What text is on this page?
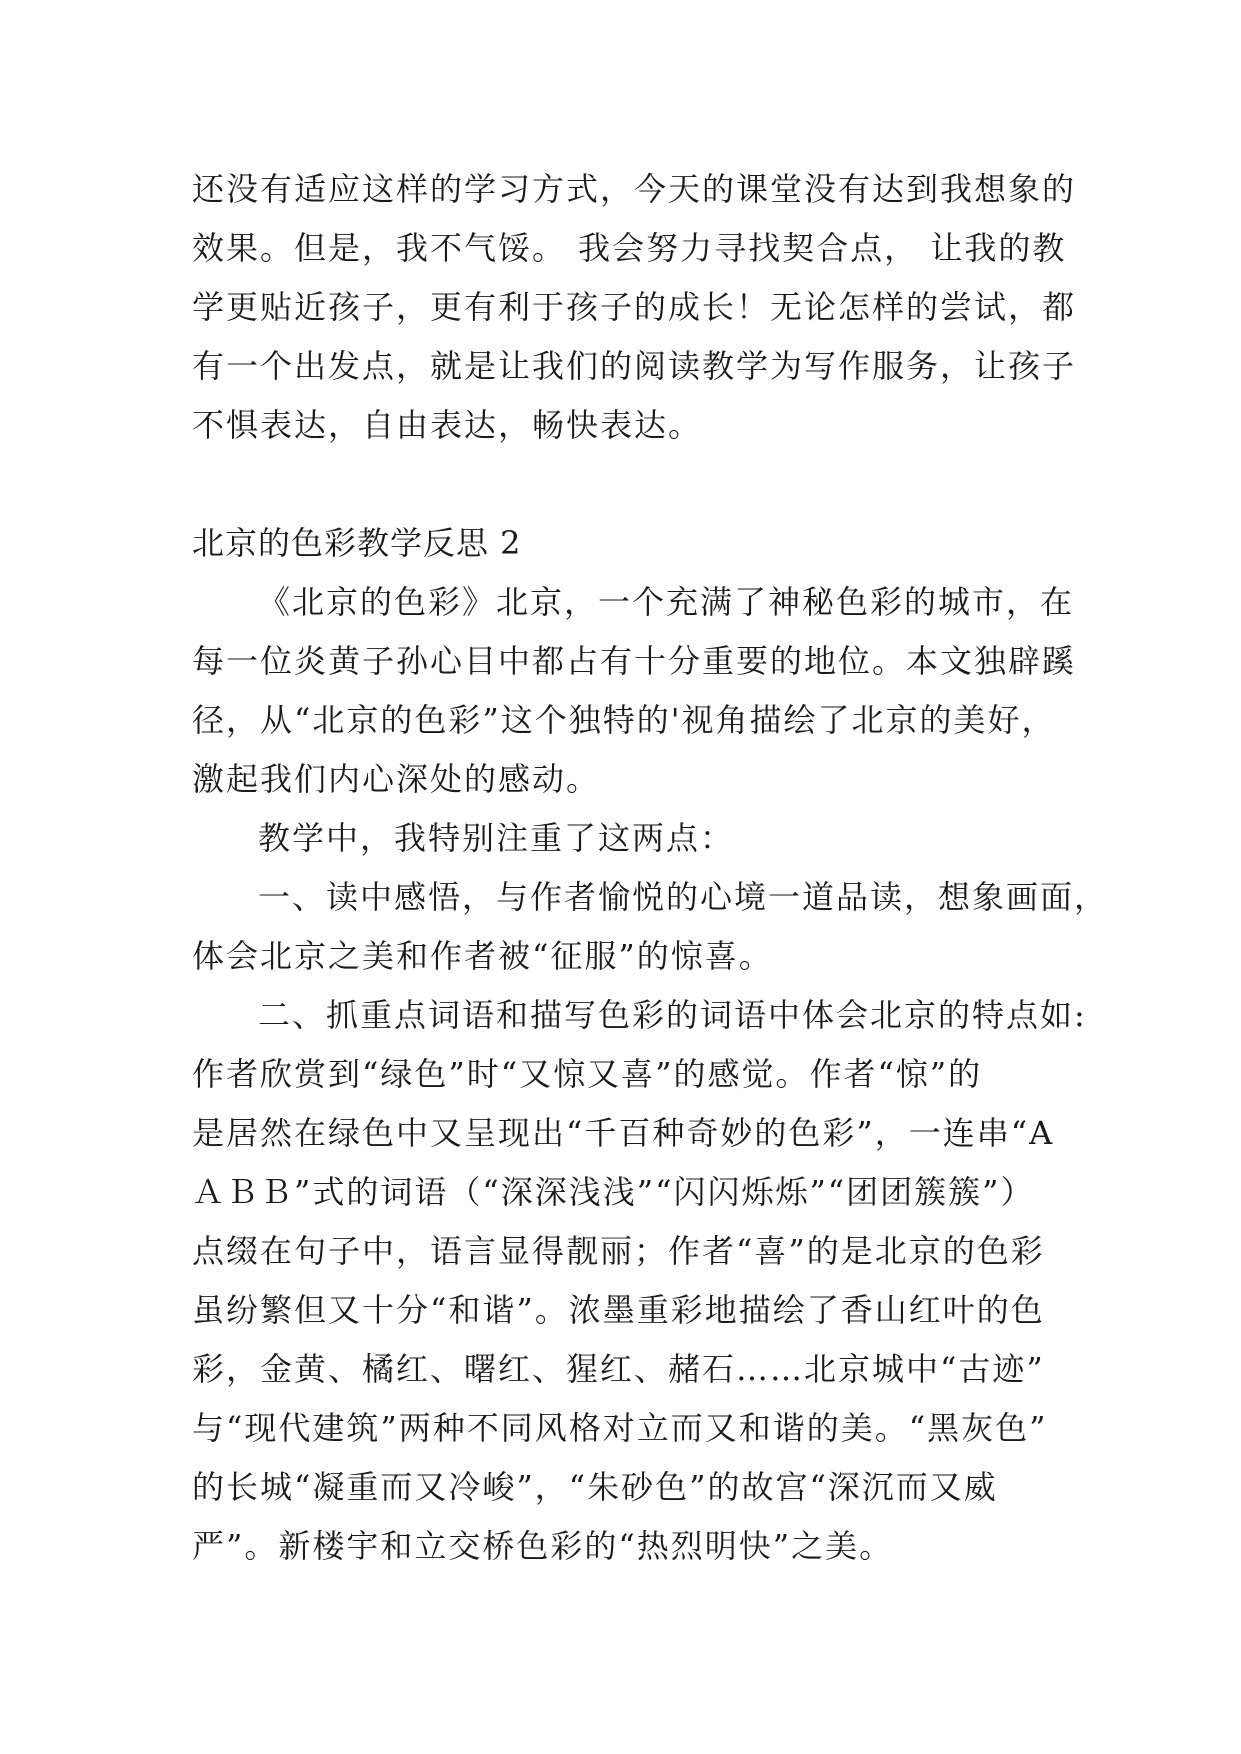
还没有适应这样的学习方式，今天的课堂没有达到我想象的
效果。但是，我不气馁。 我会努力寻找契合点， 让我的教
学更贴近孩子，更有利于孩子的成长！无论怎样的尝试，都
有一个出发点，就是让我们的阅读教学为写作服务，让孩子
不惧表达，自由表达，畅快表达。
北京的色彩教学反思 2
《北京的色彩》北京，一个充满了神秘色彩的城市，在
每一位炎黄子孙心目中都占有十分重要的地位。本文独辟蹊
径，从“北京的色彩”这个独特的'视角描绘了北京的美好，
激起我们内心深处的感动。
教学中，我特别注重了这两点：
一、读中感悟，与作者愉悦的心境一道品读，想象画面，
体会北京之美和作者被“征服”的惊喜。
二、抓重点词语和描写色彩的词语中体会北京的特点如:
作者欣赏到“绿色”时“又惊又喜”的感觉。作者“惊”的
是居然在绿色中又呈现出“千百种奇妙的色彩”，一连串“A
ＡＢＢ”式的词语（“深深浅浅”“闪闪烁烁”“团团簇簇”）
点缀在句子中，语言显得靓丽；作者“喜”的是北京的色彩
虽纷繁但又十分“和谐”。浓墨重彩地描绘了香山红叶的色
彩，金黄、橘红、曙红、猩红、赭石……北京城中“古迹”
与“现代建筑”两种不同风格对立而又和谐的美。“黑灰色”
的长城“凝重而又冷峻”，“朱砂色”的故宫“深沉而又威
严”。新楼宇和立交桥色彩的“热烈明快”之美。
